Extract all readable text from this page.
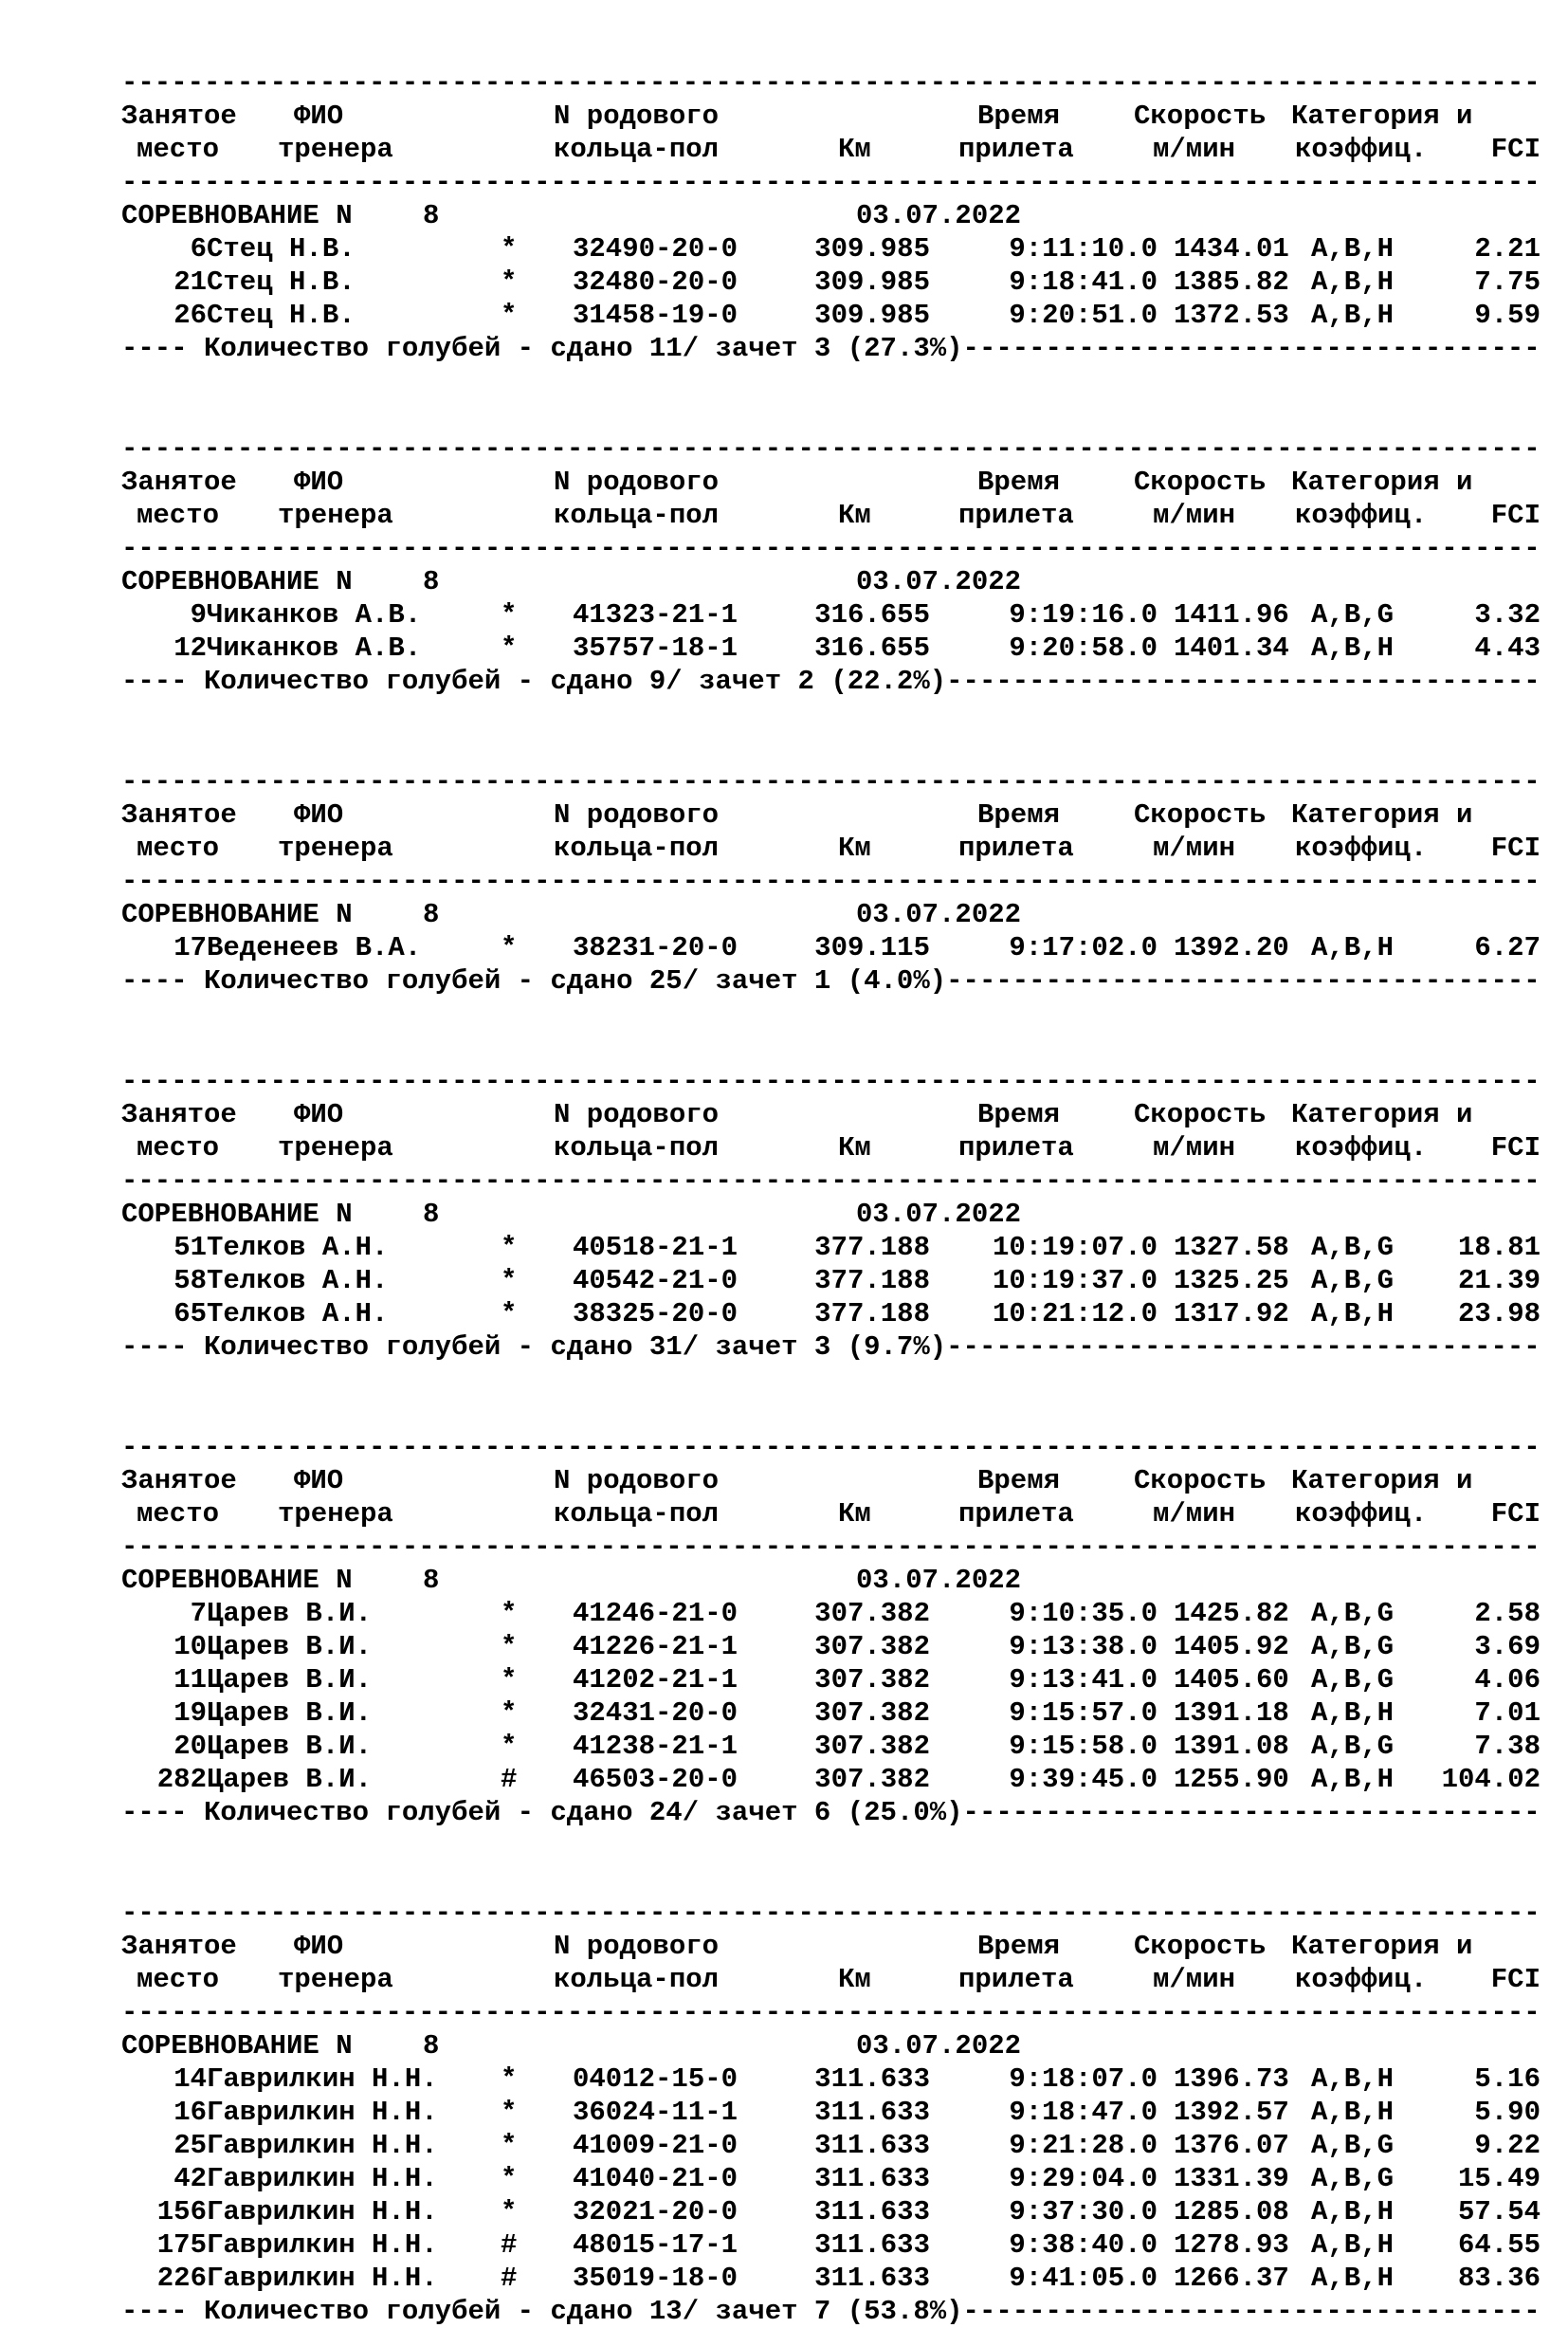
-----
Занятое ФИО	N родового	Время	Скорость Категория и
место тренера	кольца-пол	Км	прилета	м/мин коэффиц.	FCI
-----
СОРЕВНОВАНИЕ N	8	03.07.2022
6 Стец Н.В.	* 32490-20-0	309.985	9:11:10.0 1434.01 A,B,H	2.21
21 Стец Н.В.	* 32480-20-0	309.985	9:18:41.0 1385.82 A,B,H	7.75
26 Стец Н.В.	* 31458-19-0	309.985	9:20:51.0 1372.53 A,B,H	9.59
---- Количество голубей - сдано 11/ зачет 3 (27.3%)-----
-----
Занятое ФИО	N родового	Время	Скорость Категория и
место тренера	кольца-пол	Км	прилета	м/мин коэффиц.	FCI
-----
СОРЕВНОВАНИЕ N	8	03.07.2022
9 Чиканков А.В.	* 41323-21-1	316.655	9:19:16.0 1411.96 A,B,G	3.32
12 Чиканков А.В.	* 35757-18-1	316.655	9:20:58.0 1401.34 A,B,H	4.43
---- Количество голубей - сдано 9/ зачет 2 (22.2%)-----
-----
Занятое ФИО	N родового	Время	Скорость Категория и
место тренера	кольца-пол	Км	прилета	м/мин коэффиц.	FCI
-----
СОРЕВНОВАНИЕ N	8	03.07.2022
17 Веденеев В.А.	* 38231-20-0	309.115	9:17:02.0 1392.20 A,B,H	6.27
---- Количество голубей - сдано 25/ зачет 1 (4.0%)-----
-----
Занятое ФИО	N родового	Время	Скорость Категория и
место тренера	кольца-пол	Км	прилета	м/мин коэффиц.	FCI
-----
СОРЕВНОВАНИЕ N	8	03.07.2022
51 Телков А.Н.	* 40518-21-1	377.188	10:19:07.0 1327.58 A,B,G	18.81
58 Телков А.Н.	* 40542-21-0	377.188	10:19:37.0 1325.25 A,B,G	21.39
65 Телков А.Н.	* 38325-20-0	377.188	10:21:12.0 1317.92 A,B,H	23.98
---- Количество голубей - сдано 31/ зачет 3 (9.7%)-----
-----
Занятое ФИО	N родового	Время	Скорость Категория и
место тренера	кольца-пол	Км	прилета	м/мин коэффиц.	FCI
-----
СОРЕВНОВАНИЕ N	8	03.07.2022
7 Царев В.И.	* 41246-21-0	307.382	9:10:35.0 1425.82 A,B,G	2.58
10 Царев В.И.	* 41226-21-1	307.382	9:13:38.0 1405.92 A,B,G	3.69
11 Царев В.И.	* 41202-21-1	307.382	9:13:41.0 1405.60 A,B,G	4.06
19 Царев В.И.	* 32431-20-0	307.382	9:15:57.0 1391.18 A,B,H	7.01
20 Царев В.И.	* 41238-21-1	307.382	9:15:58.0 1391.08 A,B,G	7.38
282 Царев В.И.	# 46503-20-0	307.382	9:39:45.0 1255.90 A,B,H	104.02
---- Количество голубей - сдано 24/ зачет 6 (25.0%)-----
-----
Занятое ФИО	N родового	Время	Скорость Категория и
место тренера	кольца-пол	Км	прилета	м/мин коэффиц.	FCI
-----
СОРЕВНОВАНИЕ N	8	03.07.2022
14 Гаврилкин Н.Н. * 04012-15-0	311.633	9:18:07.0 1396.73 A,B,H	5.16
16 Гаврилкин Н.Н. * 36024-11-1	311.633	9:18:47.0 1392.57 A,B,H	5.90
25 Гаврилкин Н.Н. * 41009-21-0	311.633	9:21:28.0 1376.07 A,B,G	9.22
42 Гаврилкин Н.Н. * 41040-21-0	311.633	9:29:04.0 1331.39 A,B,G	15.49
156 Гаврилкин Н.Н. * 32021-20-0	311.633	9:37:30.0 1285.08 A,B,H	57.54
175 Гаврилкин Н.Н. # 48015-17-1	311.633	9:38:40.0 1278.93 A,B,H	64.55
226 Гаврилкин Н.Н. # 35019-18-0	311.633	9:41:05.0 1266.37 A,B,H	83.36
---- Количество голубей - сдано 13/ зачет 7 (53.8%)-----
